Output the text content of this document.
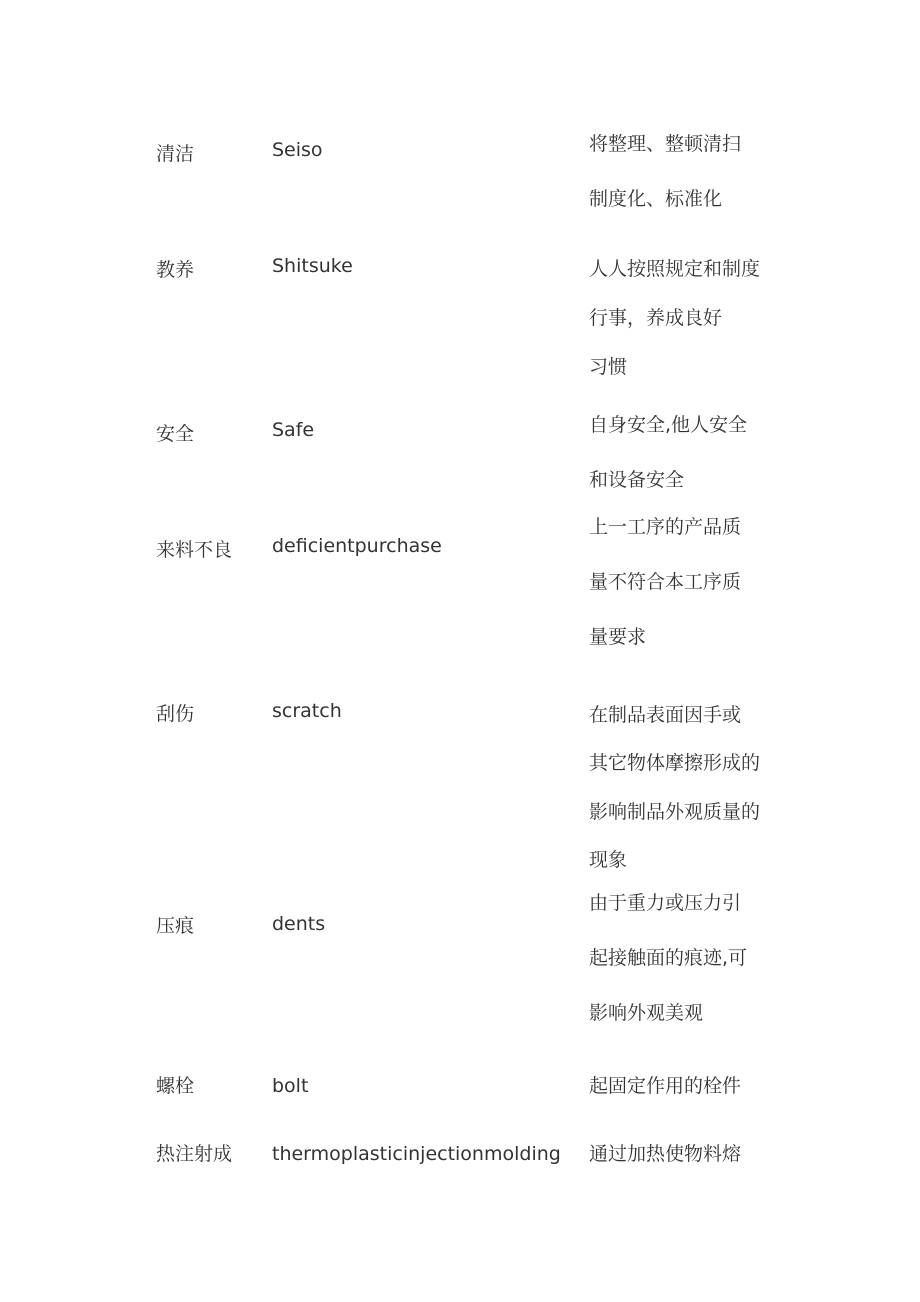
清洁	Seiso	将整理、整顿清扫
制度化、标准化
教养	Shitsuke	人人按照规定和制度
行事，养成良好
习惯
安全	Safe	自身安全,他人安全
和设备安全
来料不良 deficientpurchase
上一工序的产品质
量不符合本工序质
量要求
刮伤	scratch	在制品表面因手或
其它物体摩擦形成的
影响制品外观质量的
现象
压痕	dents
由于重力或压力引
起接触面的痕迹,可
影响外观美观
螺栓	bolt	起固定作用的栓件
热注射成 thermoplasticinjectionmolding 通过加热使物料熔
